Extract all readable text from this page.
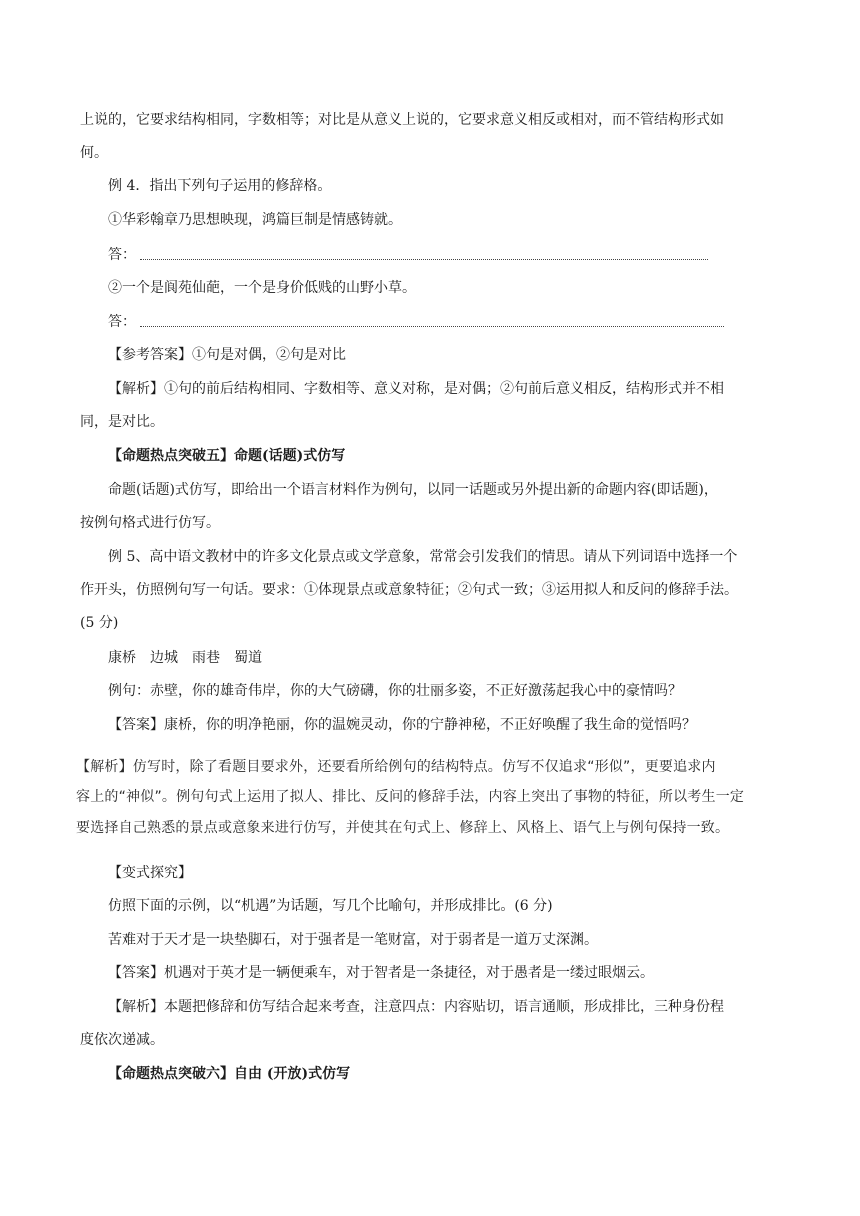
上说的，它要求结构相同，字数相等；对比是从意义上说的，它要求意义相反或相对，而不管结构形式如
何。
例 4．指出下列句子运用的修辞格。
①华彩翰章乃思想映现，鸿篇巨制是情感铸就。
答：
②一个是阆苑仙葩，一个是身价低贱的山野小草。
答：
【参考答案】①句是对偶，②句是对比
【解析】①句的前后结构相同、字数相等、意义对称，是对偶；②句前后意义相反，结构形式并不相
同，是对比。
【命题热点突破五】命题(话题)式仿写
命题(话题)式仿写，即给出一个语言材料作为例句，以同一话题或另外提出新的命题内容(即话题)，
按例句格式进行仿写。
例 5、高中语文教材中的许多文化景点或文学意象，常常会引发我们的情思。请从下列词语中选择一个
作开头，仿照例句写一句话。要求：①体现景点或意象特征；②句式一致；③运用拟人和反问的修辞手法。
(5 分)
康桥　边城　雨巷　蜀道
例句：赤壁，你的雄奇伟岸，你的大气磅礴，你的壮丽多姿，不正好激荡起我心中的豪情吗？
【答案】康桥，你的明净艳丽，你的温婉灵动，你的宁静神秘，不正好唤醒了我生命的觉悟吗？
【解析】仿写时，除了看题目要求外，还要看所给例句的结构特点。仿写不仅追求“形似”，更要追求内
容上的“神似”。例句句式上运用了拟人、排比、反问的修辞手法，内容上突出了事物的特征，所以考生一定
要选择自己熟悉的景点或意象来进行仿写，并使其在句式上、修辞上、风格上、语气上与例句保持一致。
【变式探究】
仿照下面的示例，以“机遇”为话题，写几个比喻句，并形成排比。(6 分)
苦难对于天才是一块垫脚石，对于强者是一笔财富，对于弱者是一道万丈深渊。
【答案】机遇对于英才是一辆便乘车，对于智者是一条捷径，对于愚者是一缕过眼烟云。
【解析】本题把修辞和仿写结合起来考查，注意四点：内容贴切，语言通顺，形成排比，三种身份程
度依次递减。
【命题热点突破六】自由 (开放)式仿写
